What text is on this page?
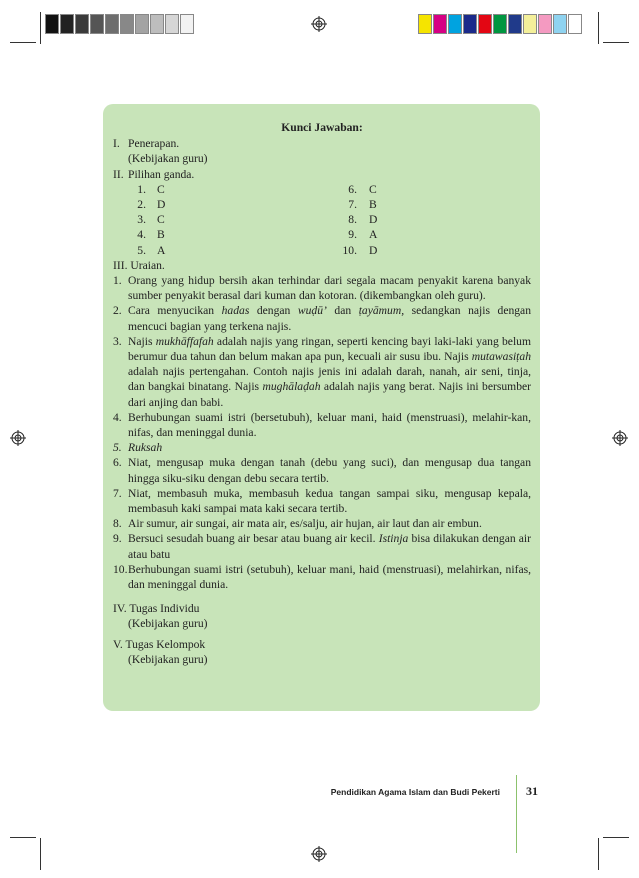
Kunci Jawaban:
I. Penerapan.
(Kebijakan guru)
II. Pilihan ganda.
1. C	6. C
2. D	7. B
3. C	8. D
4. B	9. A
5. A	10. D
III. Uraian.
1. Orang yang hidup bersih akan terhindar dari segala macam penyakit karena banyak sumber penyakit berasal dari kuman dan kotoran. (dikembangkan oleh guru).
2. Cara menyucikan hadas dengan wuḍū’ dan ṭayāmum, sedangkan najis dengan mencuci bagian yang terkena najis.
3. Najis mukhāffafah adalah najis yang ringan, seperti kencing bayi laki-laki yang belum berumur dua tahun dan belum makan apa pun, kecuali air susu ibu. Najis mutawasiṭah adalah najis pertengahan. Contoh najis jenis ini adalah darah, nanah, air seni, tinja, dan bangkai binatang. Najis mughālaḍah adalah najis yang berat. Najis ini bersumber dari anjing dan babi.
4. Berhubungan suami istri (bersetubuh), keluar mani, haid (menstruasi), melahir-kan, nifas, dan meninggal dunia.
5. Ruksah
6. Niat, mengusap muka dengan tanah (debu yang suci), dan mengusap dua tangan hingga siku-siku dengan debu secara tertib.
7. Niat, membasuh muka, membasuh kedua tangan sampai siku, mengusap kepala, membasuh kaki sampai mata kaki secara tertib.
8. Air sumur, air sungai, air mata air, es/salju, air hujan, air laut dan air embun.
9. Bersuci sesudah buang air besar atau buang air kecil. Istinja bisa dilakukan dengan air atau batu
10. Berhubungan suami istri (setubuh), keluar mani, haid (menstruasi), melahirkan, nifas, dan meninggal dunia.
IV. Tugas Individu
(Kebijakan guru)
V. Tugas Kelompok
(Kebijakan guru)
Pendidikan Agama Islam dan Budi Pekerti 31
